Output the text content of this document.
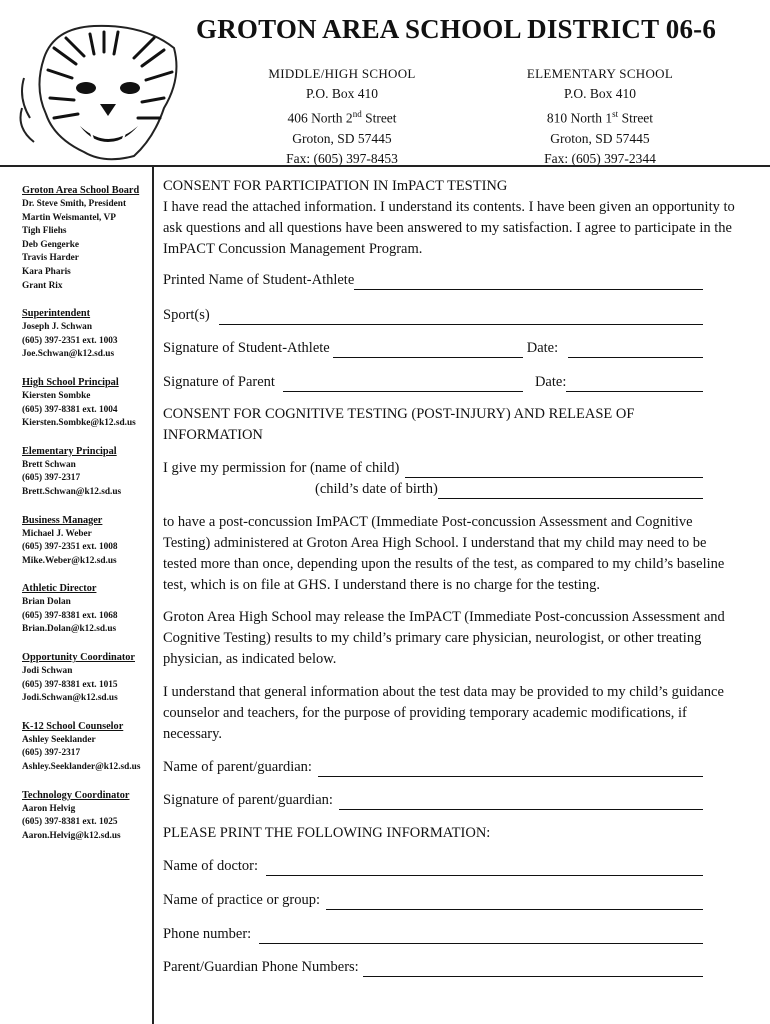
GROTON AREA SCHOOL DISTRICT 06-6
MIDDLE/HIGH SCHOOL
P.O. Box 410
406 North 2nd Street
Groton, SD 57445
Fax: (605) 397-8453
ELEMENTARY SCHOOL
P.O. Box 410
810 North 1st Street
Groton, SD 57445
Fax: (605) 397-2344
Groton Area School Board
Dr. Steve Smith, President
Martin Weismantel, VP
Tigh Fliehs
Deb Gengerke
Travis Harder
Kara Pharis
Grant Rix
Superintendent
Joseph J. Schwan
(605) 397-2351 ext. 1003
Joe.Schwan@k12.sd.us
High School Principal
Kiersten Sombke
(605) 397-8381 ext. 1004
Kiersten.Sombke@k12.sd.us
Elementary Principal
Brett Schwan
(605) 397-2317
Brett.Schwan@k12.sd.us
Business Manager
Michael J. Weber
(605) 397-2351 ext. 1008
Mike.Weber@k12.sd.us
Athletic Director
Brian Dolan
(605) 397-8381 ext. 1068
Brian.Dolan@k12.sd.us
Opportunity Coordinator
Jodi Schwan
(605) 397-8381 ext. 1015
Jodi.Schwan@k12.sd.us
K-12 School Counselor
Ashley Seeklander
(605) 397-2317
Ashley.Seeklander@k12.sd.us
Technology Coordinator
Aaron Helvig
(605) 397-8381 ext. 1025
Aaron.Helvig@k12.sd.us
CONSENT FOR PARTICIPATION IN ImPACT TESTING
I have read the attached information. I understand its contents. I have been given an opportunity to ask questions and all questions have been answered to my satisfaction. I agree to participate in the ImPACT Concussion Management Program.
Printed Name of Student-Athlete
Sport(s)
Signature of Student-Athlete	Date:
Signature of Parent	Date:
CONSENT FOR COGNITIVE TESTING (POST-INJURY) AND RELEASE OF INFORMATION
I give my permission for (name of child)
(child’s date of birth)
to have a post-concussion ImPACT (Immediate Post-concussion Assessment and Cognitive Testing) administered at Groton Area High School. I understand that my child may need to be tested more than once, depending upon the results of the test, as compared to my child’s baseline test, which is on file at GHS. I understand there is no charge for the testing.
Groton Area High School may release the ImPACT (Immediate Post-concussion Assessment and Cognitive Testing) results to my child’s primary care physician, neurologist, or other treating physician, as indicated below.
I understand that general information about the test data may be provided to my child’s guidance counselor and teachers, for the purpose of providing temporary academic modifications, if necessary.
Name of parent/guardian:
Signature of parent/guardian:
PLEASE PRINT THE FOLLOWING INFORMATION:
Name of doctor:
Name of practice or group:
Phone number:
Parent/Guardian Phone Numbers:
